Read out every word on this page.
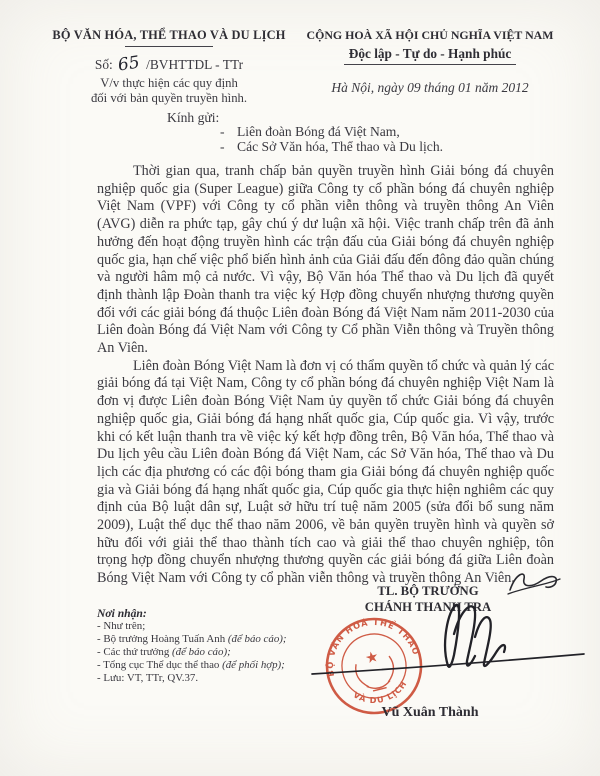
BỘ VĂN HÓA, THỂ THAO VÀ DU LỊCH
Số: 65 /BVHTTDL - TTr
V/v thực hiện các quy định
đối với bản quyền truyền hình.
CỘNG HOÀ XÃ HỘI CHỦ NGHĨA VIỆT NAM
Độc lập - Tự do - Hạnh phúc
Hà Nội, ngày 09 tháng 01 năm 2012
Kính gửi:
- Liên đoàn Bóng đá Việt Nam,
- Các Sở Văn hóa, Thể thao và Du lịch.

Thời gian qua, tranh chấp bản quyền truyền hình Giải bóng đá chuyên nghiệp quốc gia (Super League) giữa Công ty cổ phần bóng đá chuyên nghiệp Việt Nam (VPF) với Công ty cổ phần viễn thông và truyền thông An Viên (AVG) diễn ra phức tạp, gây chú ý dư luận xã hội. Việc tranh chấp trên đã ảnh hưởng đến hoạt động truyền hình các trận đấu của Giải bóng đá chuyên nghiệp quốc gia, hạn chế việc phổ biến hình ảnh của Giải đấu đến đông đảo quần chúng và người hâm mộ cả nước. Vì vậy, Bộ Văn hóa Thể thao và Du lịch đã quyết định thành lập Đoàn thanh tra việc ký Hợp đồng chuyển nhượng thương quyền đối với các giải bóng đá thuộc Liên đoàn Bóng đá Việt Nam năm 2011-2030 của Liên đoàn Bóng đá Việt Nam với Công ty Cổ phần Viễn thông và Truyền thông An Viên.

Liên đoàn Bóng Việt Nam là đơn vị có thẩm quyền tổ chức và quản lý các giải bóng đá tại Việt Nam, Công ty cổ phần bóng đá chuyên nghiệp Việt Nam là đơn vị được Liên đoàn Bóng Việt Nam ủy quyền tổ chức Giải bóng đá chuyên nghiệp quốc gia, Giải bóng đá hạng nhất quốc gia, Cúp quốc gia. Vì vậy, trước khi có kết luận thanh tra về việc ký kết hợp đồng trên, Bộ Văn hóa, Thể thao và Du lịch yêu cầu Liên đoàn Bóng đá Việt Nam, các Sở Văn hóa, Thể thao và Du lịch các địa phương có các đội bóng tham gia Giải bóng đá chuyên nghiệp quốc gia và Giải bóng đá hạng nhất quốc gia, Cúp quốc gia thực hiện nghiêm các quy định của Bộ luật dân sự, Luật sở hữu trí tuệ năm 2005 (sửa đổi bổ sung năm 2009), Luật thể dục thể thao năm 2006, về bản quyền truyền hình và quyền sở hữu đối với giải thể thao thành tích cao và giải thể thao chuyên nghiệp, tôn trọng hợp đồng chuyển nhượng thương quyền các giải bóng đá giữa Liên đoàn Bóng Việt Nam với Công ty cổ phần viễn thông và truyền thông An Viên.

TL. BỘ TRƯỞNG
CHÁNH THANH TRA
BỘ VĂN HOÁ THỂ THAO
VÀ DU LỊCH
★
Vũ Xuân Thành
Nơi nhận:
- Như trên;
- Bộ trưởng Hoàng Tuấn Anh (để báo cáo);
- Các thứ trưởng (để báo cáo);
- Tổng cục Thể dục thể thao (để phối hợp);
- Lưu: VT, TTr, QV.37.
